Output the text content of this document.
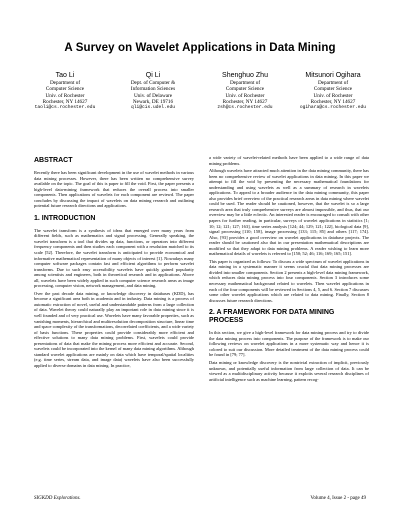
A Survey on Wavelet Applications in Data Mining
Tao Li
Department of
Computer Science
Univ. of Rochester
Rochester, NY 14627
taoli@cs.rochester.edu
Qi Li
Dept. of Computer &
Information Sciences
Univ. of Delaware
Newark, DE 19716
qli@cis.udel.edu
Shenghuo Zhu
Department of
Computer Science
Univ. of Rochester
Rochester, NY 14627
zsh@cs.rochester.edu
Mitsunori Ogihara
Department of
Computer Science
Univ. of Rochester
Rochester, NY 14627
ogihara@cs.rochester.edu
ABSTRACT

Recently there has been significant development in the use of wavelet methods in various data mining processes. However, there has been written no comprehensive survey available on the topic. The goal of this is paper to fill the void. First, the paper presents a high-level data-mining framework that reduces the overall process into smaller components. Then applications of wavelets for each component are reviewd. The paper concludes by discussing the impact of wavelets on data mining research and outlining potential future research directions and applications.

1. INTRODUCTION

The wavelet transform is a synthesis of ideas that emerged over many years from different fields, such as mathematics and signal processing. Generally speaking, the wavelet transform is a tool that divides up data, functions, or operators into different frequency components and then studies each component with a resolution matched to its scale [52]. Therefore, the wavelet transform is anticipated to provide economical and informative mathematical representation of many objects of interest [1]. Nowadays many computer software packages contain fast and efficient algorithms to perform wavelet transforms. Due to such easy accessibility wavelets have quickly gained popularity among scientists and engineers, both in theoretical research and in applications. Above all, wavelets have been widely applied in such computer science research areas as image processing, computer vision, network management, and data mining.

Over the past decade data mining, or knowledge discovery in databases (KDD), has become a significant area both in academia and in industry. Data mining is a process of automatic extraction of novel, useful and understandable patterns from a large collection of data. Wavelet theory could naturally play an important role in data mining since it is well founded and of very practical use. Wavelets have many favorable properties, such as vanishing moments, hierarchical and multiresolution decomposition structure, linear time and space complexity of the transformations, decorrelated coefficients, and a wide variety of basis functions. These properties could provide considerably more efficient and effective solutions to many data mining problems. First, wavelets could provide presentations of data that make the mining process more efficient and accurate. Second, wavelets could be incorporated into the kernel of many data mining algorithms. Although standard wavelet applications are mainly on data which have temporal/spatial localities (e.g. time series, stream data, and image data) wavelets have also been successfully applied to diverse domains in data mining. In practice,

a wide variety of wavelet-related methods have been applied to a wide range of data mining problems.

Although wavelets have attracted much attention in the data mining community, there has been no comprehensive review of wavelet applications in data mining. In this paper we attempt to fill the void by presenting the necessary mathematical foundations for understanding and using wavelets as well as a summary of research in wavelets applications. To appeal to a broader audience in the data mining community, this paper also provides brief overview of the practical research areas in data mining where wavelet could be used. The reader should be cautioned, however, that the wavelet is so a large research area that truly comprehensive surveys are almost impossible, and thus, that our overview may be a little eclectic. An interested reader is encouraged to consult with other papers for further reading, in particular, surveys of wavelet applications in statistics [1; 10; 12; 121; 127; 163], time series analysis [124; 44; 129; 121; 122], biological data [9], signal processing [110; 158], image processing [133; 115; 85] and others [117; 174]. Also, [93] provides a good overview on wavelet applications in database projects. The reader should be cautioned also that in our presentation mathematical descriptions are modified so that they adapt to data mining problems. A reader wishing to learn more mathematical details of wavelets is referred to [150; 52; 46; 116; 169; 165; 151].

This paper is organized as follows: To discuss a wide spectrum of wavelet applications in data mining in a systematic manner it seems crucial that data mining processes are divided into smaller components. Section 2 presents a high-level data mining framework, which reduces data mining process into four components. Section 3 introduces some necessary mathematical background related to wavelets. Then wavelet applications in each of the four components will be reviewed in Sections 4, 5, and 6. Section 7 discusses some other wavelet applications which are related to data mining. Finally, Section 8 discusses future research directions.

2. A FRAMEWORK FOR DATA MINING PROCESS

In this section, we give a high-level framework for data mining process and try to divide the data mining process into components. The purpose of the framework is to make our following reviews on wavelet applications in a more systematic way and hence it is colored to suit our discussion. More detailed treatment of the data mining process could be found in [79; 77].

Data mining or knowledge discovery is the nontrivial extraction of implicit, previously unknown, and potentially useful information from large collection of data. It can be viewed as a multidisciplinary activity because it exploits several research disciplines of artificial intelligence such as machine learning, pattern recog-

SIGKDD Explorations.	Volume 4, Issue 2 - page 49
